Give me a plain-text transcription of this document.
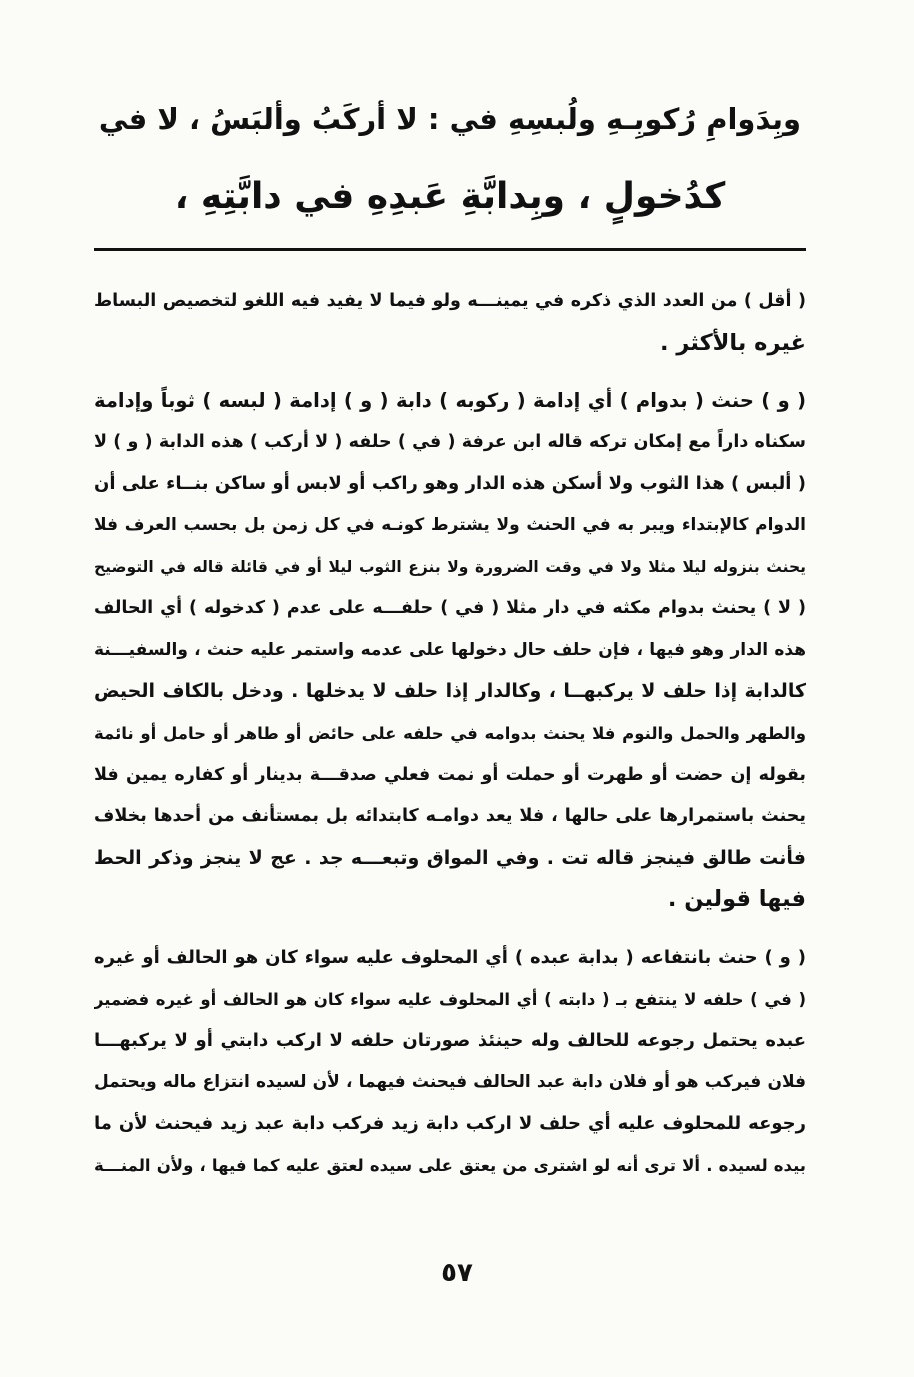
وبِدَوامِ رُكوبِـهِ ولُبسِهِ في : لا أركَبُ وألبَسُ ، لا في
كدُخولٍ ، وبِدابَّةِ عَبدِهِ في دابَّتِهِ ،
( أقل ) من العدد الذي ذكره في يمينـــه ولو فيما لا يفيد فيه اللغو لتخصيص البساط
غيره بالأكثر .
( و ) حنث ( بدوام ) أي إدامة ( ركوبه ) دابة ( و ) إدامة ( لبسه ) ثوباً وإدامة
سكناه داراً مع إمكان تركه قاله ابن عرفة ( في ) حلفه ( لا أركب ) هذه الدابة ( و ) لا
( ألبس ) هذا الثوب ولا أسكن هذه الدار وهو راكب أو لابس أو ساكن بنــاء على أن
الدوام كالإبتداء ويبر به في الحنث ولا يشترط كونـه في كل زمن بل بحسب العرف فلا
يحنث بنزوله ليلا مثلا ولا في وقت الضرورة ولا بنزع الثوب ليلا أو في قائلة قاله في التوضيح
( لا ) يحنث بدوام مكثه في دار مثلا ( في ) حلفـــه على عدم ( كدخوله ) أي الحالف
هذه الدار وهو فيها ، فإن حلف حال دخولها على عدمه واستمر عليه حنث ، والسفيـــنة
كالدابة إذا حلف لا يركبهــا ، وكالدار إذا حلف لا يدخلها . ودخل بالكاف الحيض
والطهر والحمل والنوم فلا يحنث بدوامه في حلفه على حائض أو طاهر أو حامل أو نائمة
بقوله إن حضت أو طهرت أو حملت أو نمت فعلي صدقـــة بدينار أو كفاره يمين فلا
يحنث باستمرارها على حالها ، فلا يعد دوامـه كابتدائه بل بمستأنف من أحدها بخلاف
فأنت طالق فينجز قاله تت . وفي المواق وتبعـــه جد . عج لا ينجز وذكر الحط
فيها قولين .
( و ) حنث بانتفاعه ( بدابة عبده ) أي المحلوف عليه سواء كان هو الحالف أو غيره
( في ) حلفه لا ينتفع بـ ( دابته ) أي المحلوف عليه سواء كان هو الحالف أو غيره فضمير
عبده يحتمل رجوعه للحالف وله حينئذ صورتان حلفه لا اركب دابتي أو لا يركبهـــا
فلان فيركب هو أو فلان دابة عبد الحالف فيحنث فيهما ، لأن لسيده انتزاع ماله ويحتمل
رجوعه للمحلوف عليه أي حلف لا اركب دابة زيد فركب دابة عبد زيد فيحنث لأن ما
بيده لسيده . ألا ترى أنه لو اشترى من يعتق على سيده لعتق عليه كما فيها ، ولأن المنـــة
٥٧
